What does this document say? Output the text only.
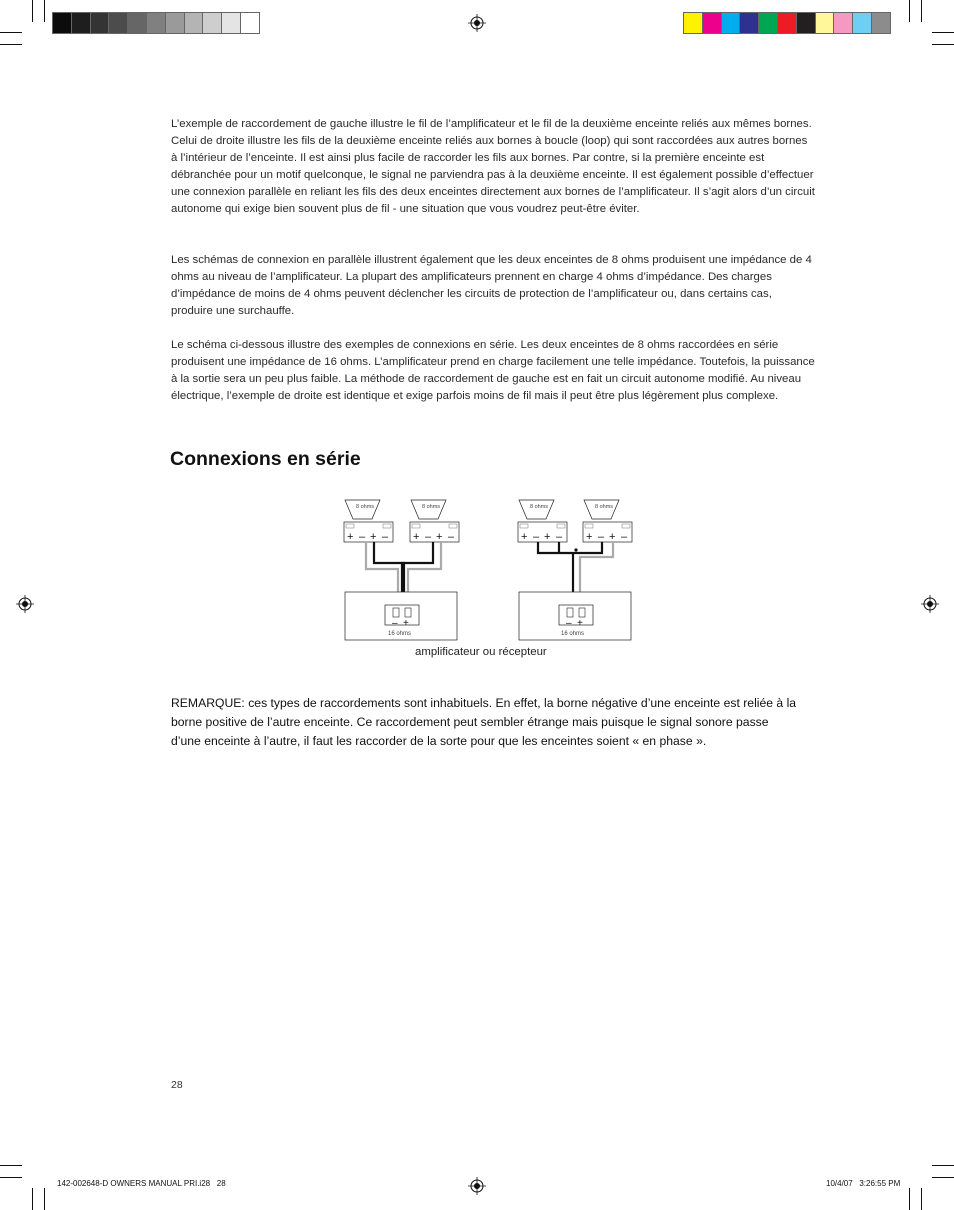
L’exemple de raccordement de gauche illustre le fil de l’amplificateur et le fil de la deuxième enceinte reliés aux mêmes bornes. Celui de droite illustre les fils de la deuxième enceinte reliés aux bornes à boucle (loop) qui sont raccordées aux autres bornes à l’intérieur de l’enceinte. Il est ainsi plus facile de raccorder les fils aux bornes. Par contre, si la première enceinte est débranchée pour un motif quelconque, le signal ne parviendra pas à la deuxième enceinte. Il est également possible d’effectuer une connexion parallèle en reliant les fils des deux enceintes directement aux bornes de l’amplificateur. Il s’agit alors d’un circuit autonome qui exige bien souvent plus de fil - une situation que vous voudrez peut-être éviter.

Les schémas de connexion en parallèle illustrent également que les deux enceintes de 8 ohms produisent une impédance de 4 ohms au niveau de l’amplificateur. La plupart des amplificateurs prennent en charge 4 ohms d’impédance. Des charges d’impédance de moins de 4 ohms peuvent déclencher les circuits de protection de l’amplificateur ou, dans certains cas, produire une surchauffe.

Le schéma ci-dessous illustre des exemples de connexions en série. Les deux enceintes de 8 ohms raccordées en série produisent une impédance de 16 ohms. L’amplificateur prend en charge facilement une telle impédance. Toutefois, la puissance à la sortie sera un peu plus faible. La méthode de raccordement de gauche est en fait un circuit autonome modifié. Au niveau électrique, l’exemple de droite est identique et exige parfois moins de fil mais il peut être plus légèrement plus complexe.

Connexions en série
8 ohms
+ – + –
8 ohms
+ – + –
– +
16 ohms
8 ohms
+ – + –
8 ohms
+ – + –
– +
16 ohms
amplificateur ou récepteur

REMARQUE: ces types de raccordements sont inhabituels. En effet, la borne négative d’une enceinte est reliée à la borne positive de l’autre enceinte. Ce raccordement peut sembler étrange mais puisque le signal sonore passe d’une enceinte à l’autre, il faut les raccorder de la sorte pour que les enceintes soient « en phase ».

28
142-002648-D OWNERS MANUAL PRI.i28   28	10/4/07   3:26:55 PM
